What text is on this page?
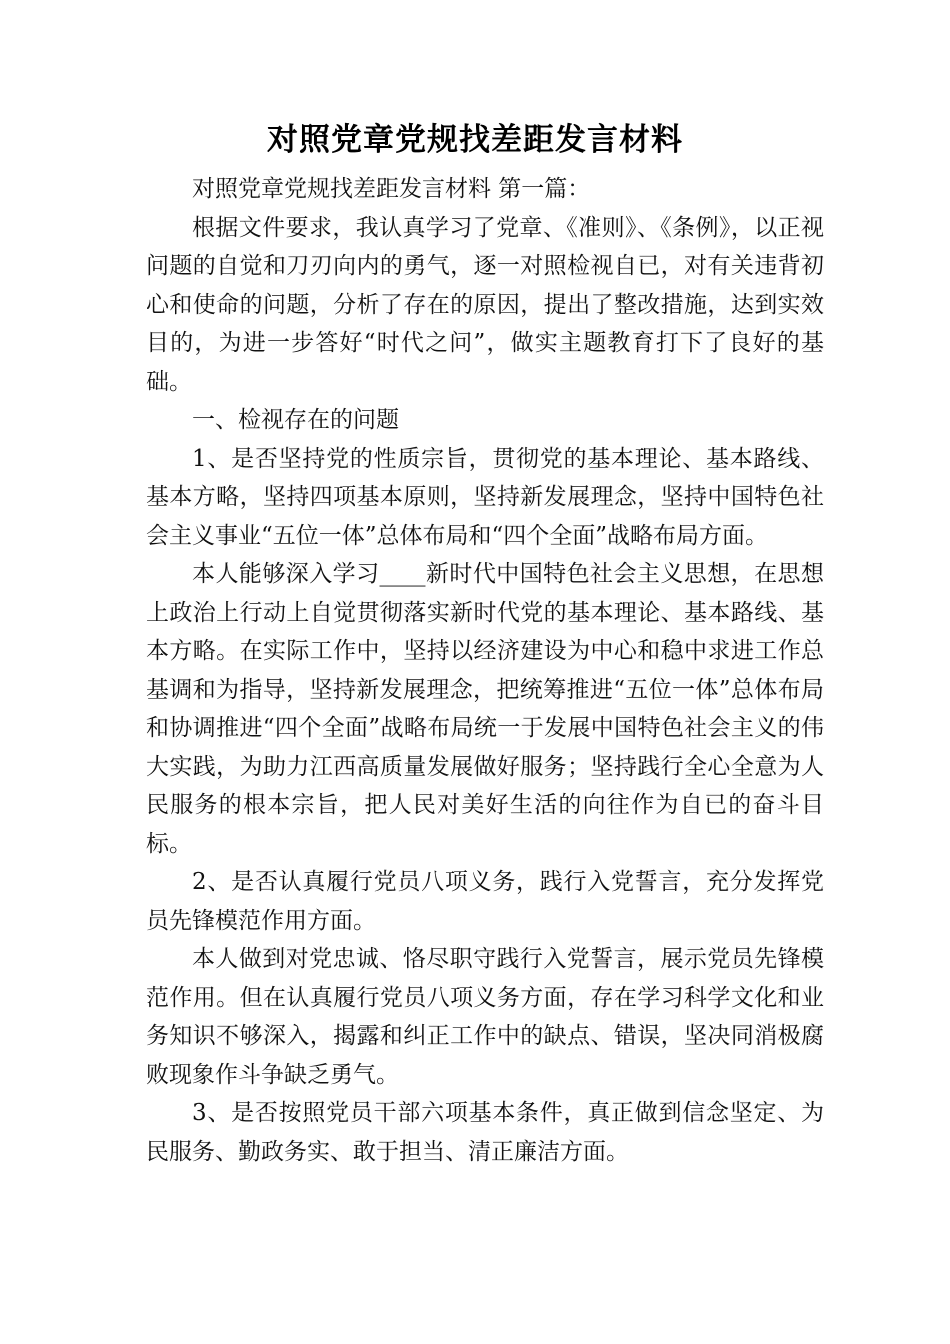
对照党章党规找差距发言材料

对照党章党规找差距发言材料 第一篇：

根据文件要求，我认真学习了党章、《准则》、《条例》，以正视问题的自觉和刀刃向内的勇气，逐一对照检视自已，对有关违背初心和使命的问题，分析了存在的原因，提出了整改措施，达到实效目的，为进一步答好“时代之问”，做实主题教育打下了良好的基础。

一、检视存在的问题

1、是否坚持党的性质宗旨，贯彻党的基本理论、基本路线、基本方略，坚持四项基本原则，坚持新发展理念，坚持中国特色社会主义事业“五位一体”总体布局和“四个全面”战略布局方面。

本人能够深入学习____新时代中国特色社会主义思想，在思想上政治上行动上自觉贯彻落实新时代党的基本理论、基本路线、基本方略。在实际工作中，坚持以经济建设为中心和稳中求进工作总基调和为指导，坚持新发展理念，把统筹推进“五位一体”总体布局和协调推进“四个全面”战略布局统一于发展中国特色社会主义的伟大实践，为助力江西高质量发展做好服务；坚持践行全心全意为人民服务的根本宗旨，把人民对美好生活的向往作为自已的奋斗目标。

2、是否认真履行党员八项义务，践行入党誓言，充分发挥党员先锋模范作用方面。

本人做到对党忠诚、恪尽职守践行入党誓言，展示党员先锋模范作用。但在认真履行党员八项义务方面，存在学习科学文化和业务知识不够深入，揭露和纠正工作中的缺点、错误，坚决同消极腐败现象作斗争缺乏勇气。

3、是否按照党员干部六项基本条件，真正做到信念坚定、为民服务、勤政务实、敢于担当、清正廉洁方面。
